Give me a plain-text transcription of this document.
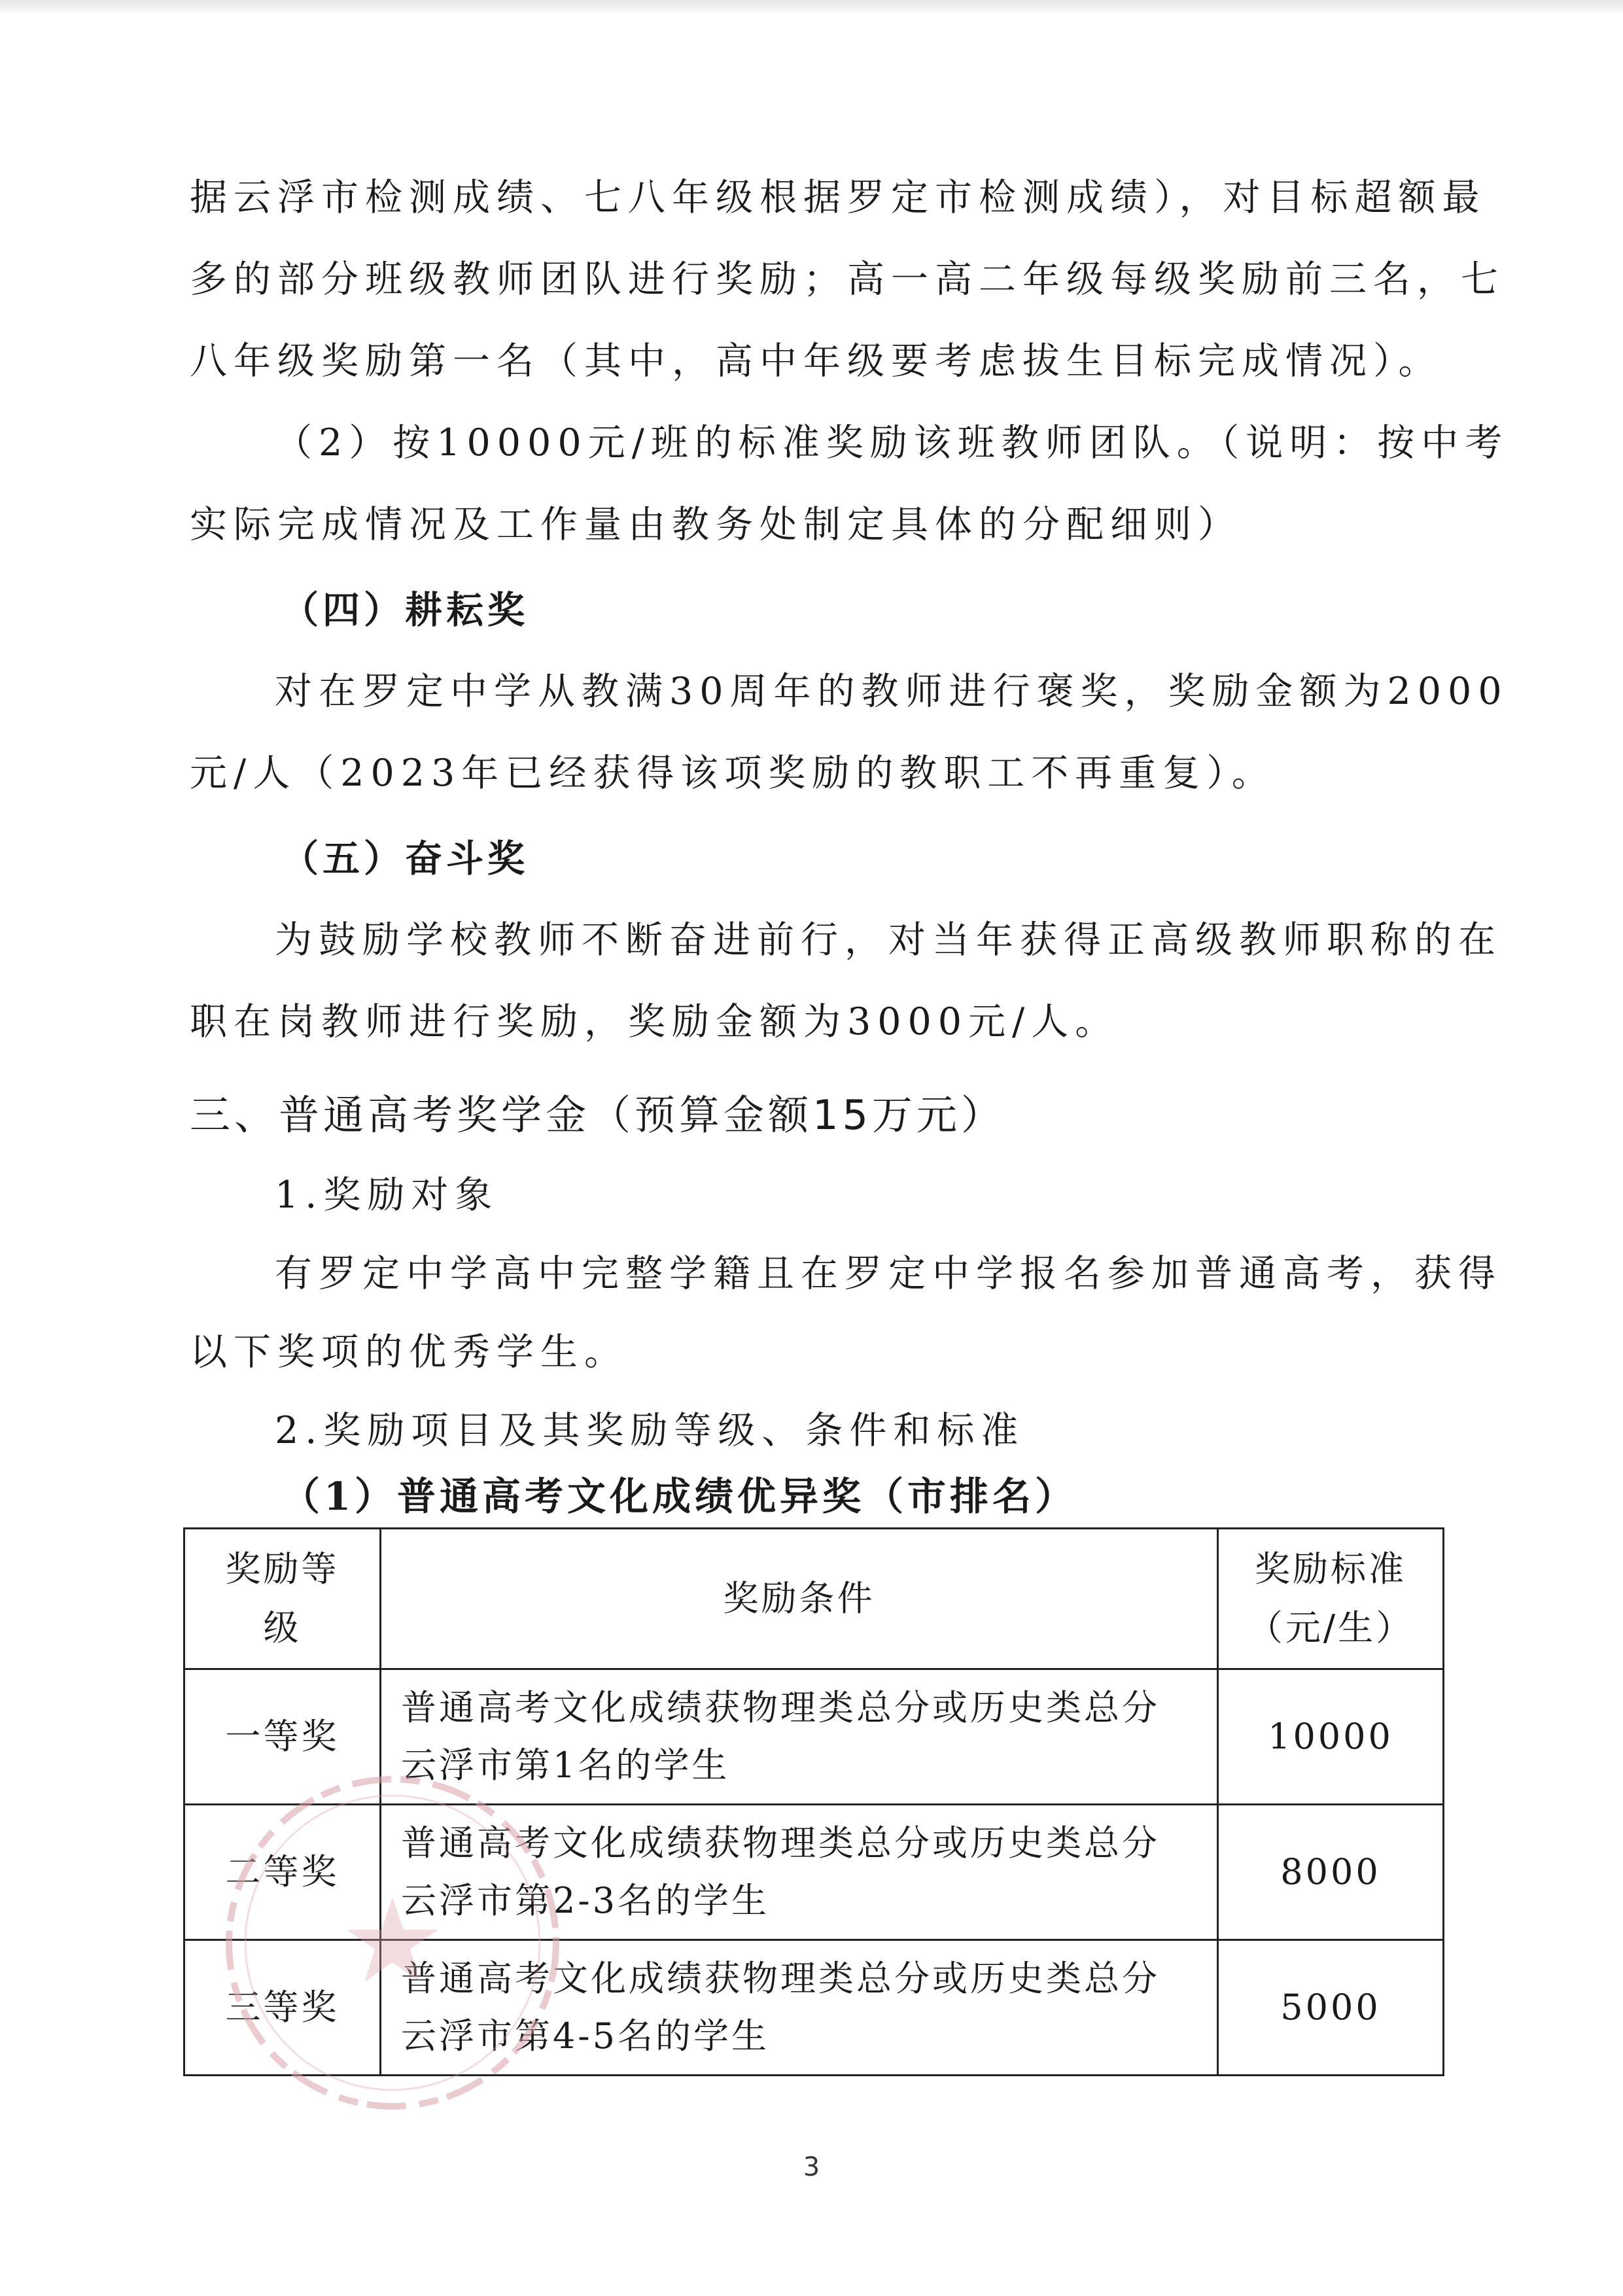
据云浮市检测成绩、七八年级根据罗定市检测成绩），对目标超额最

多的部分班级教师团队进行奖励；高一高二年级每级奖励前三名，七

八年级奖励第一名（其中，高中年级要考虑拔生目标完成情况）。

（2）按10000元/班的标准奖励该班教师团队。（说明：按中考

实际完成情况及工作量由教务处制定具体的分配细则）

（四）耕耘奖

对在罗定中学从教满30周年的教师进行褒奖，奖励金额为2000

元/人（2023年已经获得该项奖励的教职工不再重复）。

（五）奋斗奖

为鼓励学校教师不断奋进前行，对当年获得正高级教师职称的在

职在岗教师进行奖励，奖励金额为3000元/人。

三、普通高考奖学金（预算金额15万元）

1.奖励对象

有罗定中学高中完整学籍且在罗定中学报名参加普通高考，获得

以下奖项的优秀学生。

2.奖励项目及其奖励等级、条件和标准

（1）普通高考文化成绩优异奖（市排名）
奖励等
级	奖励条件	奖励标准
（元/生）
一等奖	普通高考文化成绩获物理类总分或历史类总分
云浮市第1名的学生	10000
二等奖	普通高考文化成绩获物理类总分或历史类总分
云浮市第2-3名的学生	8000
三等奖	普通高考文化成绩获物理类总分或历史类总分
云浮市第4-5名的学生	5000
3
